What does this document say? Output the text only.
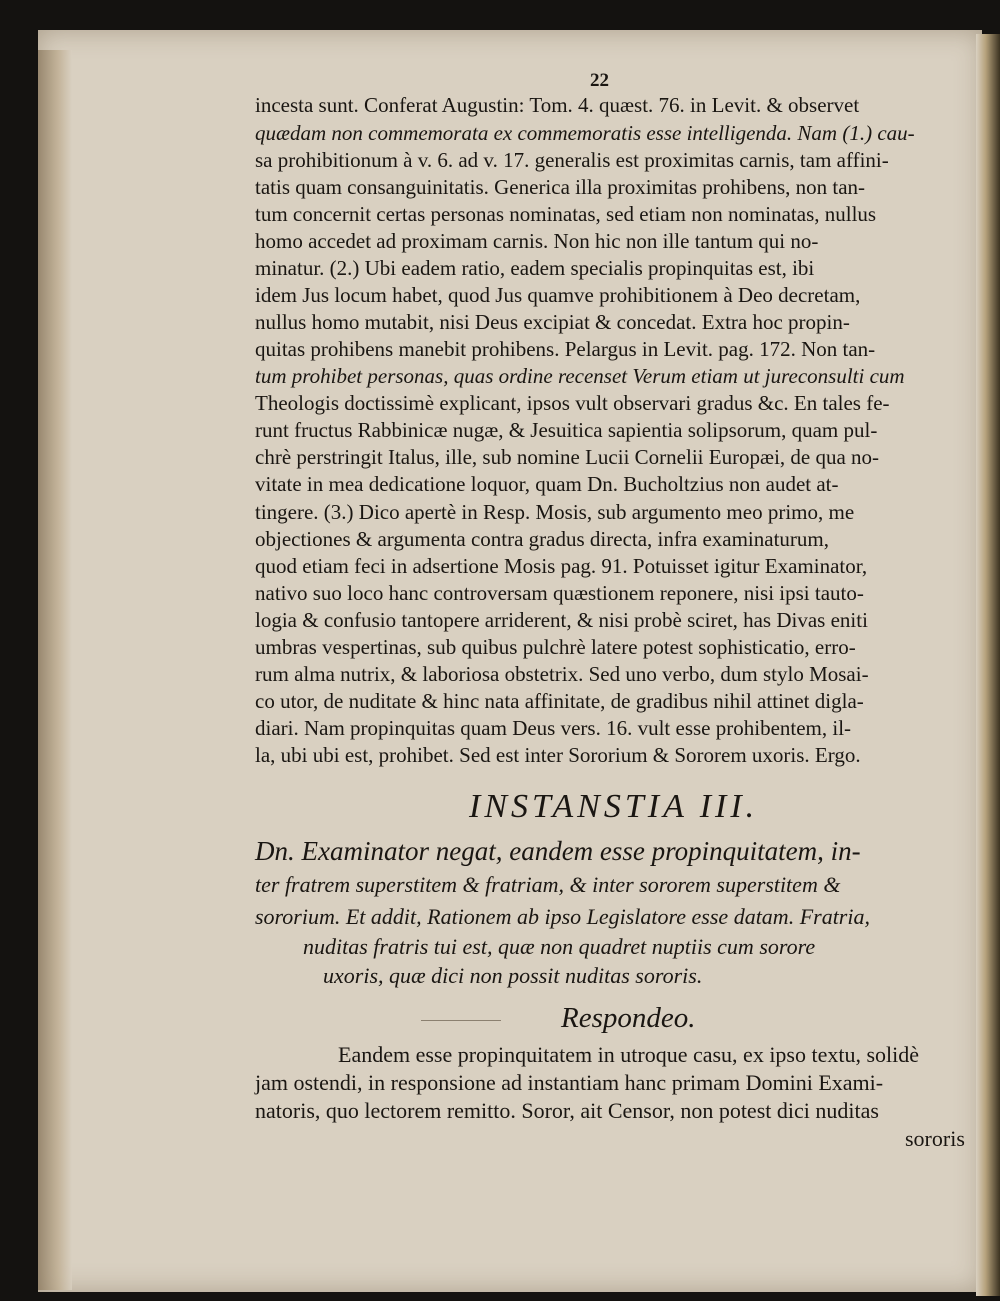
22
incesta sunt. Conferat Augustin: Tom. 4. quæst. 76. in Levit. & observet
quædam non commemorata ex commemoratis esse intelligenda. Nam (1.) cau-
sa prohibitionum à v. 6. ad v. 17. generalis est proximitas carnis, tam affini-
tatis quam consanguinitatis. Generica illa proximitas prohibens, non tan-
tum concernit certas personas nominatas, sed etiam non nominatas, nullus
homo accedet ad proximam carnis. Non hic non ille tantum qui no-
minatur. (2.) Ubi eadem ratio, eadem specialis propinquitas est, ibi
idem Jus locum habet, quod Jus quamve prohibitionem à Deo decretam,
nullus homo mutabit, nisi Deus excipiat & concedat. Extra hoc propin-
quitas prohibens manebit prohibens. Pelargus in Levit. pag. 172. Non tan-
tum prohibet personas, quas ordine recenset Verum etiam ut jureconsulti cum
Theologis doctissimè explicant, ipsos vult observari gradus &c. En tales fe-
runt fructus Rabbinicæ nugæ, & Jesuitica sapientia solipsorum, quam pul-
chrè perstringit Italus, ille, sub nomine Lucii Cornelii Europæi, de qua no-
vitate in mea dedicatione loquor, quam Dn. Bucholtzius non audet at-
tingere. (3.) Dico apertè in Resp. Mosis, sub argumento meo primo, me
objectiones & argumenta contra gradus directa, infra examinaturum,
quod etiam feci in adsertione Mosis pag. 91. Potuisset igitur Examinator,
nativo suo loco hanc controversam quæstionem reponere, nisi ipsi tauto-
logia & confusio tantopere arriderent, & nisi probè sciret, has Divas eniti
umbras vespertinas, sub quibus pulchrè latere potest sophisticatio, erro-
rum alma nutrix, & laboriosa obstetrix. Sed uno verbo, dum stylo Mosai-
co utor, de nuditate & hinc nata affinitate, de gradibus nihil attinet digla-
diari. Nam propinquitas quam Deus vers. 16. vult esse prohibentem, il-
la, ubi ubi est, prohibet. Sed est inter Sororium & Sororem uxoris. Ergo.
INSTANSTIA III.
Dn. Examinator negat, eandem esse propinquitatem, in-
ter fratrem superstitem & fratriam, & inter sororem superstitem &
sororium. Et addit, Rationem ab ipso Legislatore esse datam. Fratria,
nuditas fratris tui est, quæ non quadret nuptiis cum sorore
uxoris, quæ dici non possit nuditas sororis.
Respondeo.
Eandem esse propinquitatem in utroque casu, ex ipso textu, solidè
jam ostendi, in responsione ad instantiam hanc primam Domini Exami-
natoris, quo lectorem remitto. Soror, ait Censor, non potest dici nuditas
sororis
